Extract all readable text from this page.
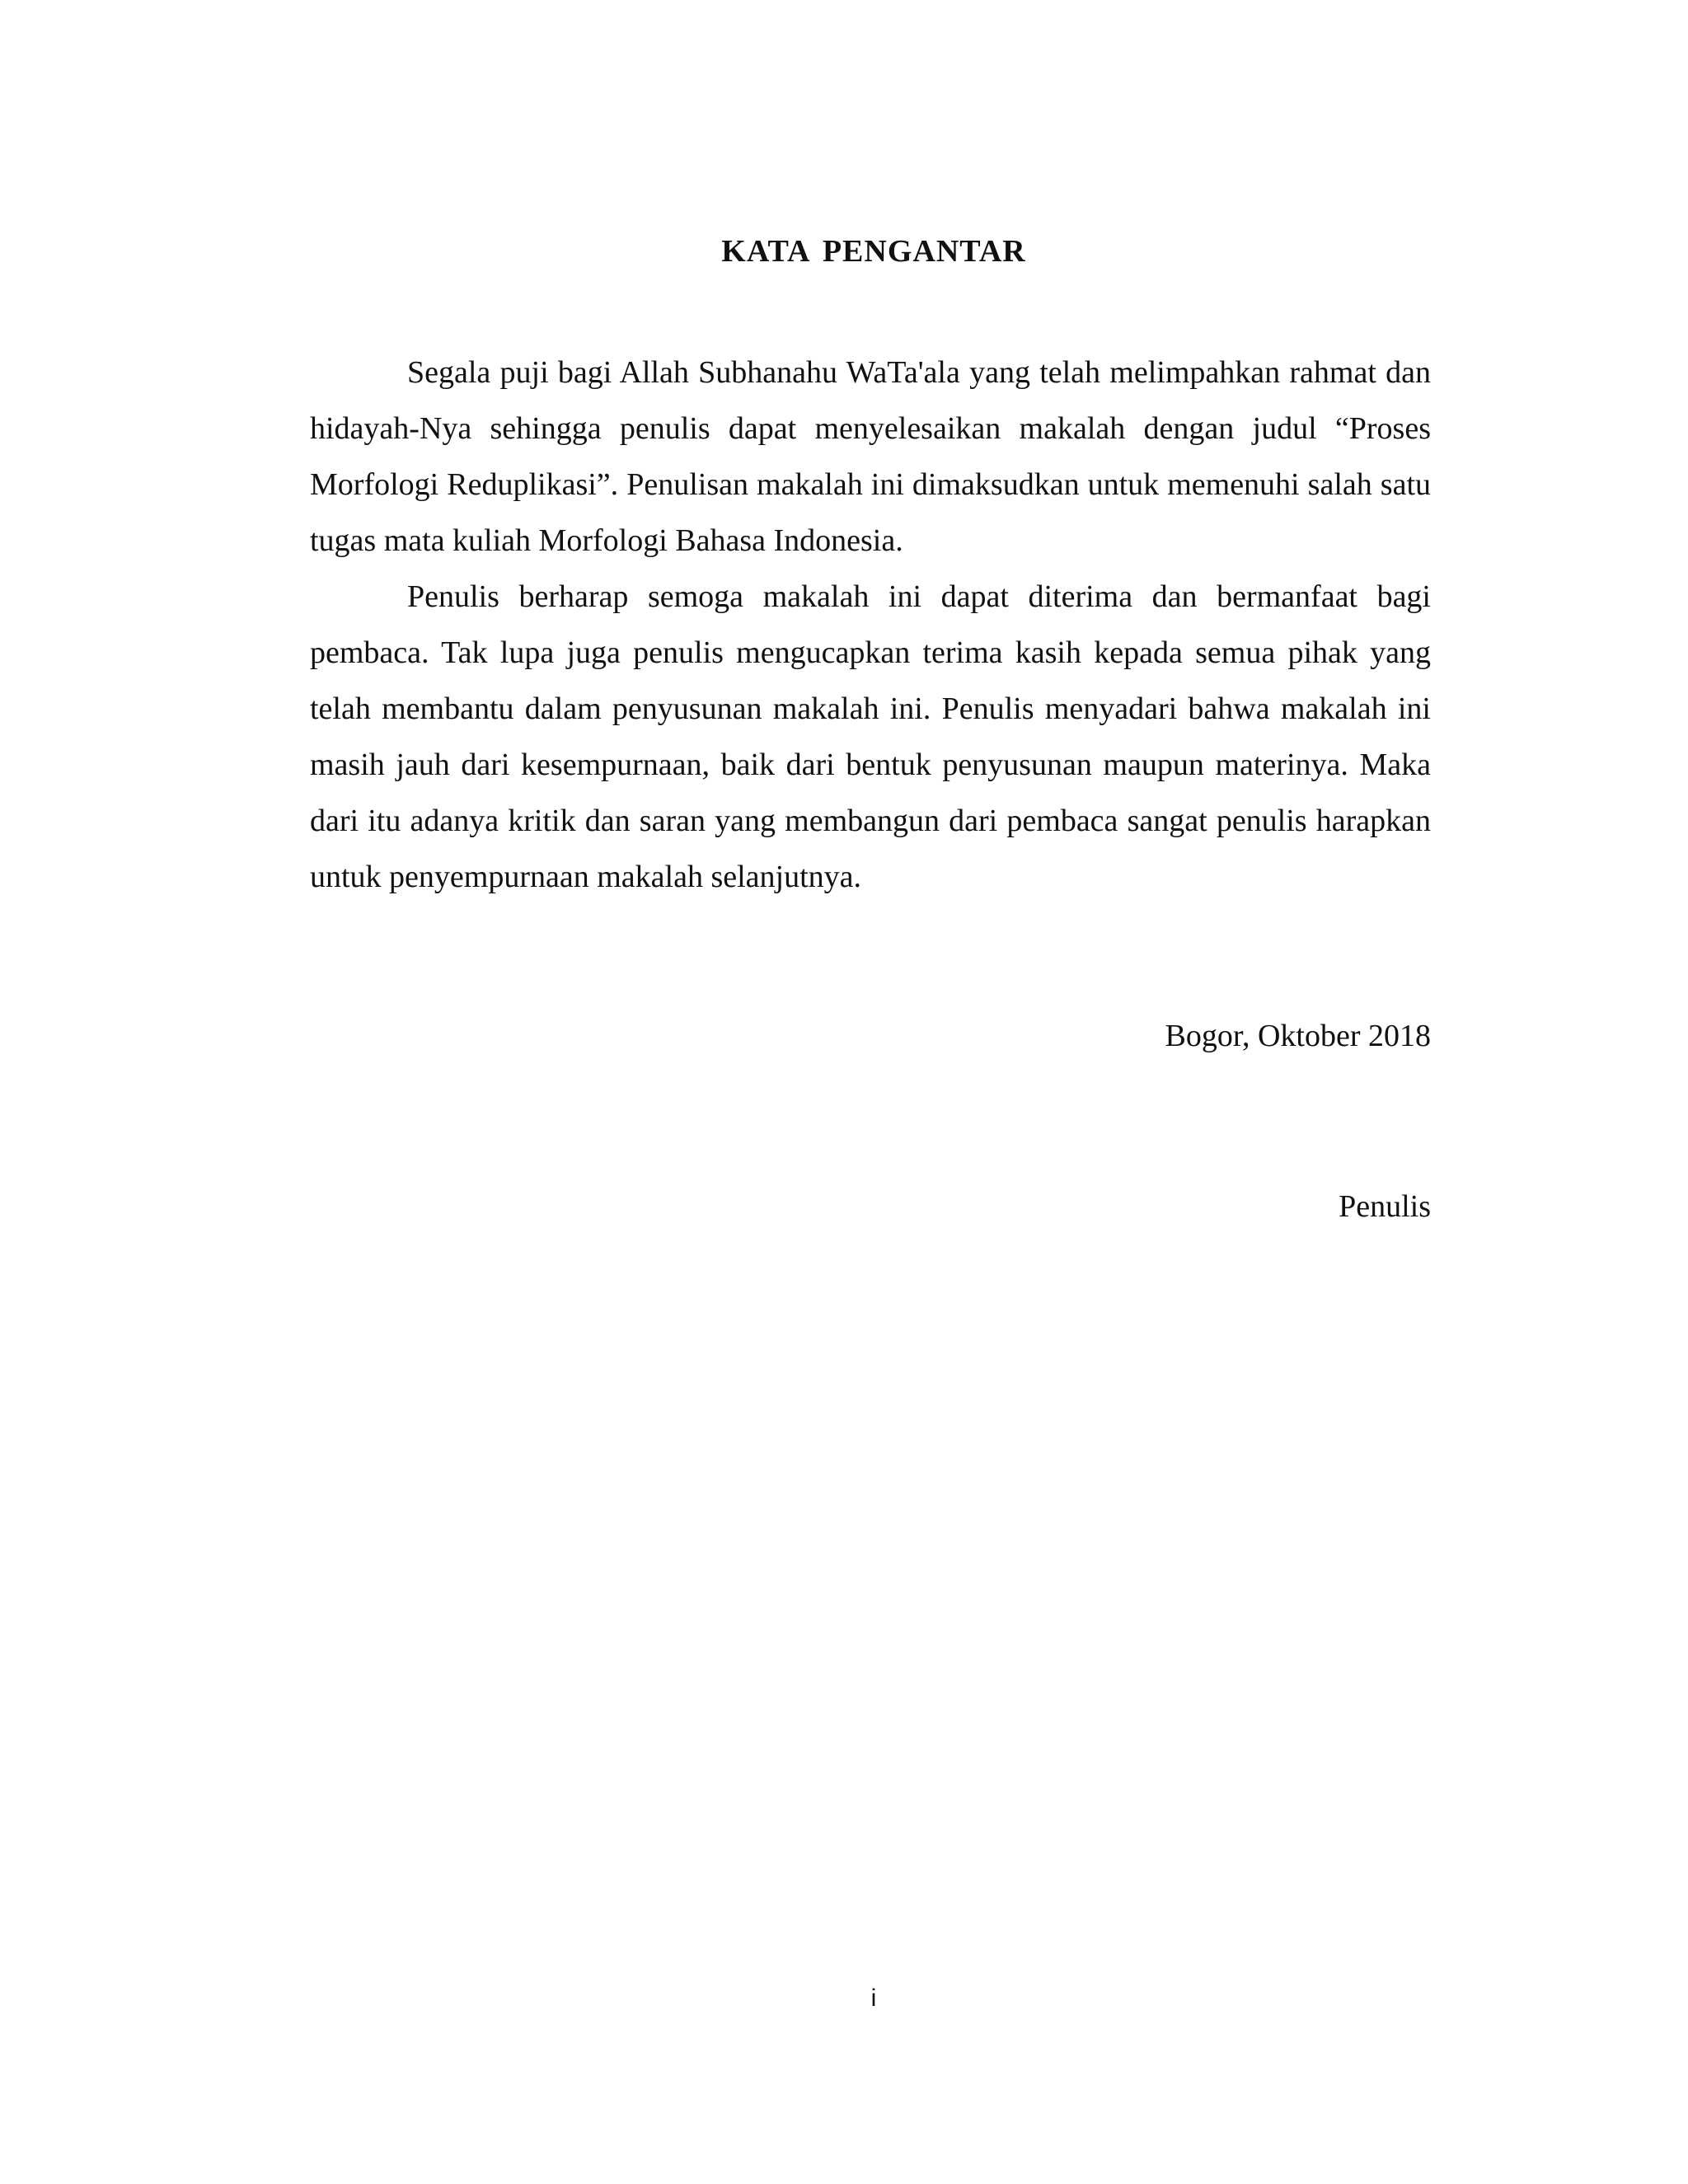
KATA PENGANTAR

Segala puji bagi Allah Subhanahu WaTa'ala yang telah melimpahkan rahmat dan hidayah-Nya sehingga penulis dapat menyelesaikan makalah dengan judul “Proses Morfologi Reduplikasi”. Penulisan makalah ini dimaksudkan untuk memenuhi salah satu tugas mata kuliah Morfologi Bahasa Indonesia.

Penulis berharap semoga makalah ini dapat diterima dan bermanfaat bagi pembaca. Tak lupa juga penulis mengucapkan terima kasih kepada semua pihak yang telah membantu dalam penyusunan makalah ini. Penulis menyadari bahwa makalah ini masih jauh dari kesempurnaan, baik dari bentuk penyusunan maupun materinya. Maka dari itu adanya kritik dan saran yang membangun dari pembaca sangat penulis harapkan untuk penyempurnaan makalah selanjutnya.

Bogor, Oktober 2018
Penulis
i
